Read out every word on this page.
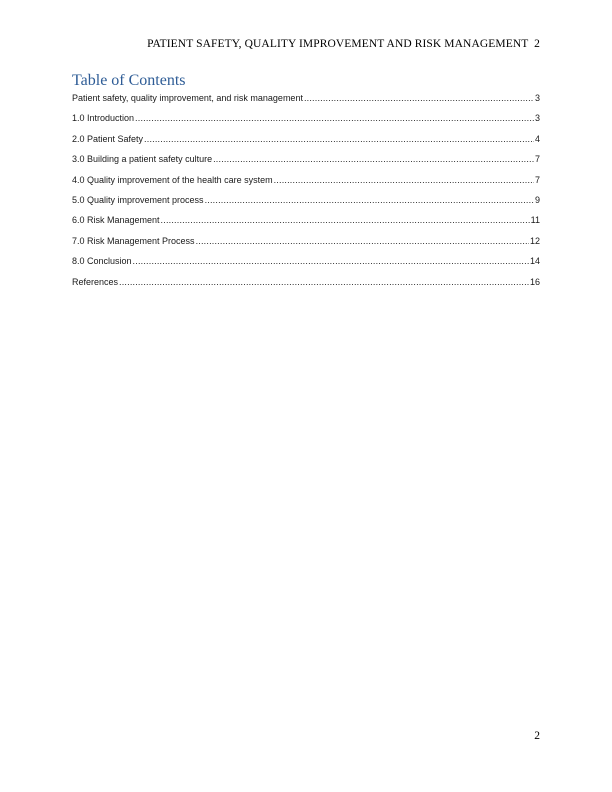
PATIENT SAFETY, QUALITY IMPROVEMENT AND RISK MANAGEMENT 2
Table of Contents
Patient safety, quality improvement, and risk management .....	3
1.0 Introduction .....	3
2.0 Patient Safety .....	4
3.0 Building a patient safety culture .....	7
4.0 Quality improvement of the health care system .....	7
5.0 Quality improvement process .....	9
6.0 Risk Management .....	11
7.0 Risk Management Process .....	12
8.0 Conclusion .....	14
References .....	16
2
